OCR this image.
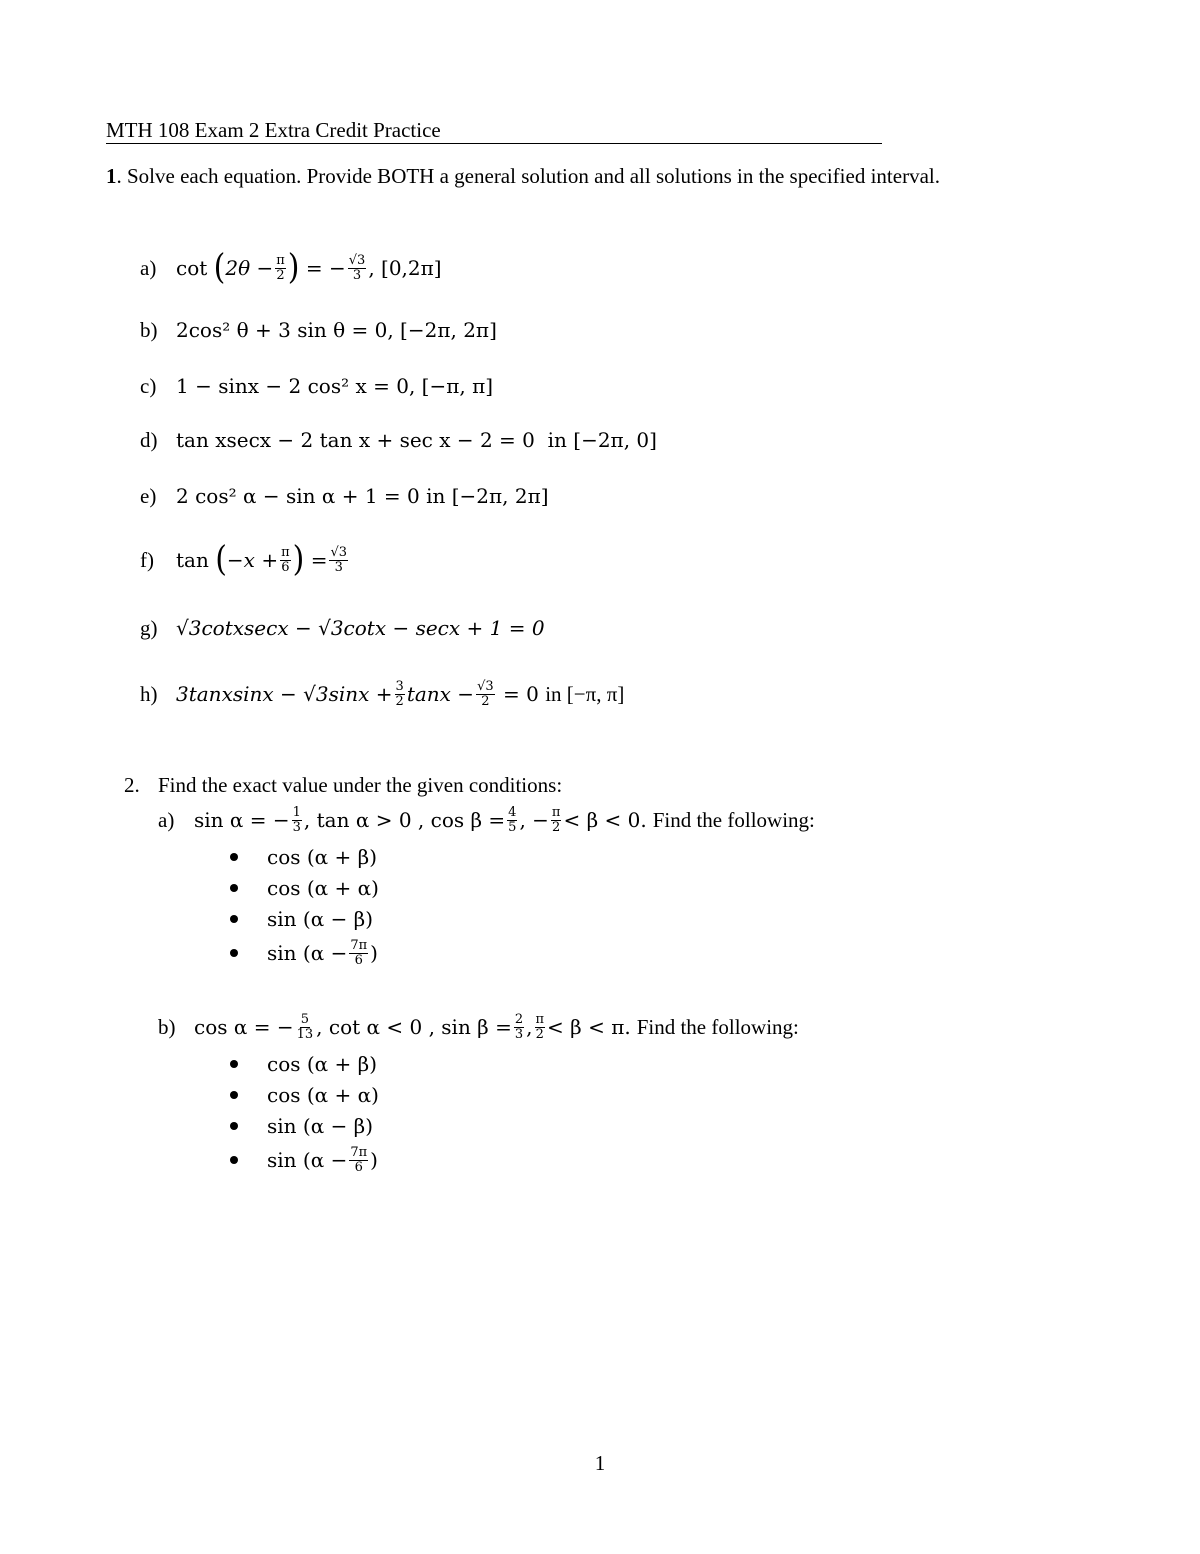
MTH 108 Exam 2 Extra Credit Practice
1. Solve each equation. Provide BOTH a general solution and all solutions in the specified interval.
a) cot
( $2\theta - \frac{\pi}{2}$ )
= − $\frac{√3}{3}$ , [0,2π]
b) 2cos² θ + 3 sin θ = 0 , [−2π, 2π]
c) 1 − sinx − 2 cos² x = 0 , [−π, π]
d) tan xsecx − 2 tan x + sec x − 2 = 0
in [−2π, 0]
e) 2 cos² α − sin α + 1 = 0
in [−2π, 2π]
f)	tan
( $-x + \frac{\pi}{6}$ )
= $\frac{√3}{3}$
g) √3cotxsecx − √3cotx − secx + 1 = 0
h) 3tanxsinx − $√3\sin x + \frac{3}{2}$ $\tan x - \frac{√3}{2}$
= 0
in [−π, π]
2. Find the exact value under the given conditions:
a) sin α = − $\frac{1}{3}$ , tan α > 0 , $\cos \beta = \frac{4}{5}$ , − $\frac{\pi}{2} < \beta < 0$. Find the following:
cos (α + β)
cos (α + α)
sin (α − β)
$\sin (\alpha - \frac{7\pi}{6}$ )
b) cos α = − $\frac{5}{13}$ , cot α < 0 , $\sin \beta = \frac{2}{3}$ , $\frac{\pi}{2} < \beta < \pi$. Find the following:
cos (α + β)
cos (α + α)
sin (α − β)
$\sin (\alpha - \frac{7\pi}{6}$ )
1
